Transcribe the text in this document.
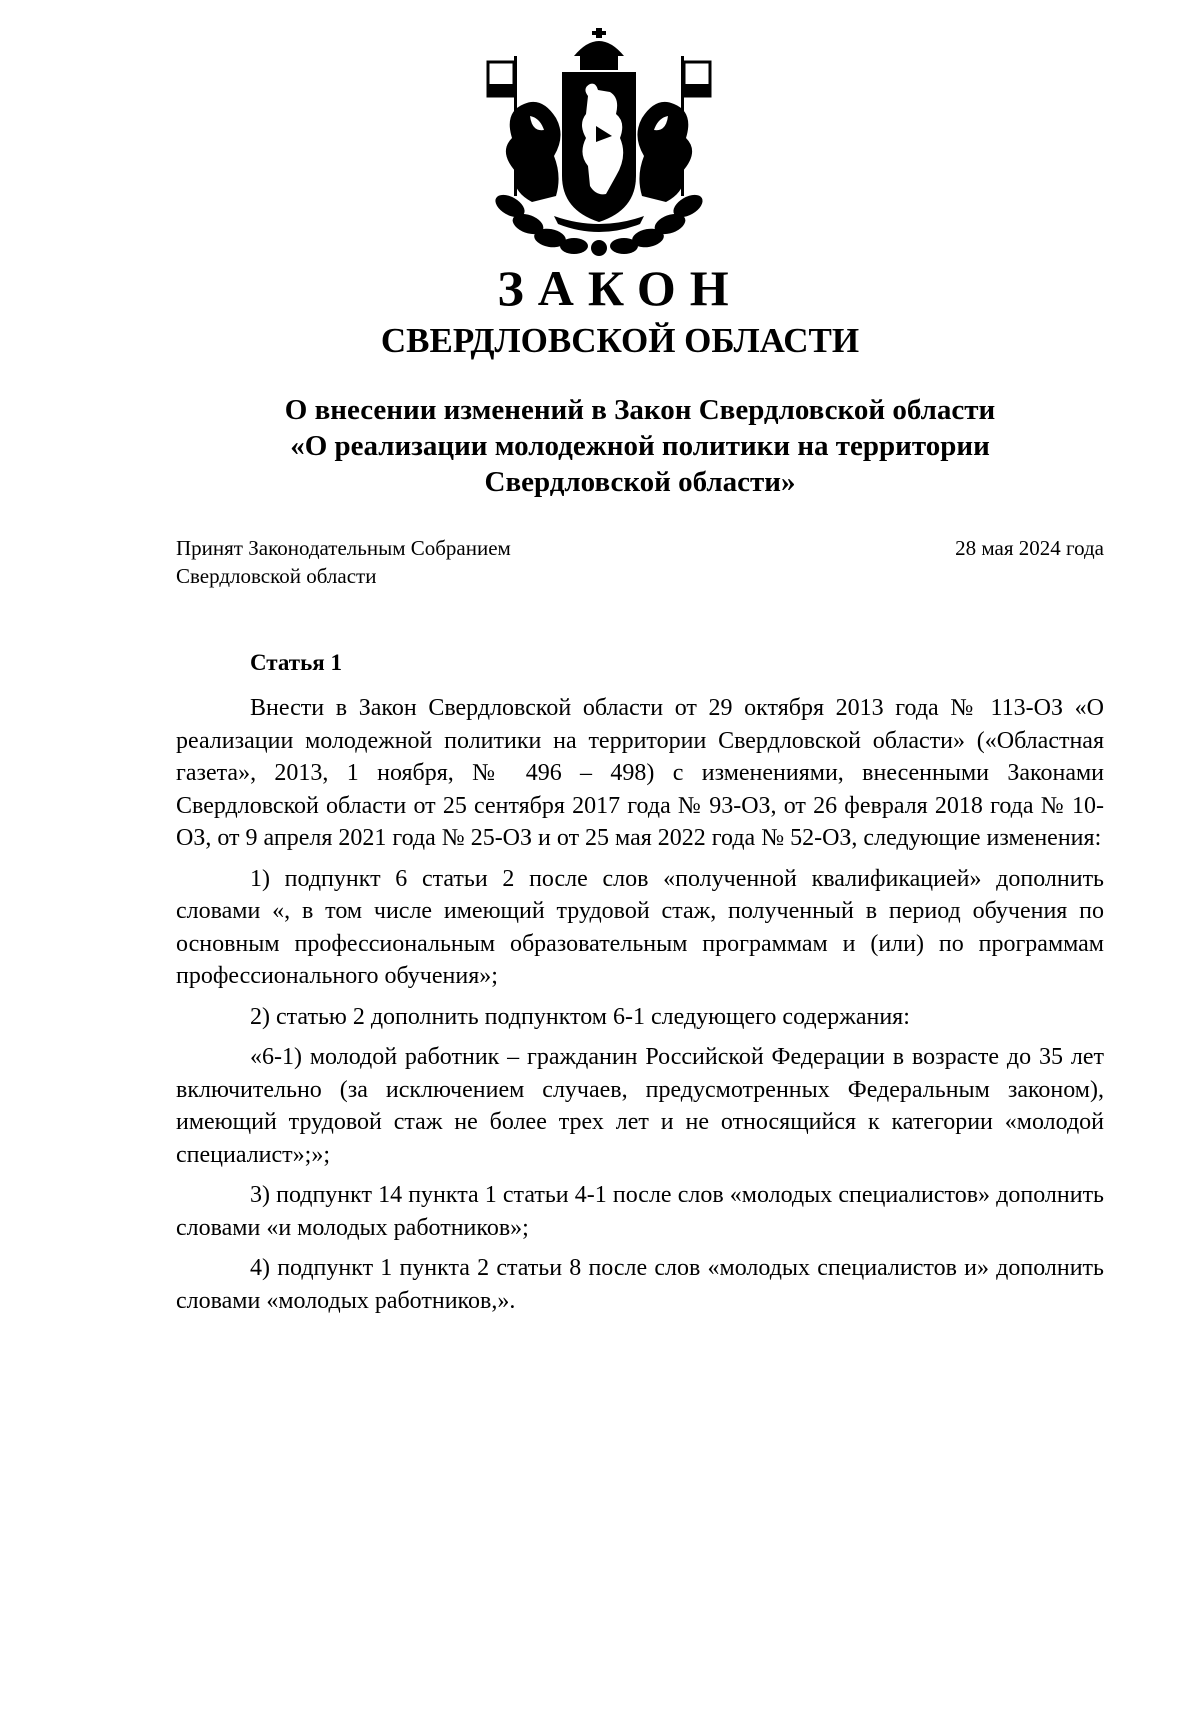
ЗАКОН
СВЕРДЛОВСКОЙ ОБЛАСТИ
О внесении изменений в Закон Свердловской области
«О реализации молодежной политики на территории
Свердловской области»
Принят Законодательным Собранием
Свердловской области
28 мая 2024 года
Статья 1

Внести в Закон Свердловской области от 29 октября 2013 года № 113-ОЗ «О реализации молодежной политики на территории Свердловской области» («Областная газета», 2013, 1 ноября, № 496 – 498) с изменениями, внесенными Законами Свердловской области от 25 сентября 2017 года № 93-ОЗ, от 26 февраля 2018 года № 10-ОЗ, от 9 апреля 2021 года № 25-ОЗ и от 25 мая 2022 года № 52-ОЗ, следующие изменения:

1) подпункт 6 статьи 2 после слов «полученной квалификацией» дополнить словами «, в том числе имеющий трудовой стаж, полученный в период обучения по основным профессиональным образовательным программам и (или) по программам профессионального обучения»;

2) статью 2 дополнить подпунктом 6-1 следующего содержания:

«6-1) молодой работник – гражданин Российской Федерации в возрасте до 35 лет включительно (за исключением случаев, предусмотренных Федеральным законом), имеющий трудовой стаж не более трех лет и не относящийся к категории «молодой специалист»;»;

3) подпункт 14 пункта 1 статьи 4-1 после слов «молодых специалистов» дополнить словами «и молодых работников»;

4) подпункт 1 пункта 2 статьи 8 после слов «молодых специалистов и» дополнить словами «молодых работников,».
